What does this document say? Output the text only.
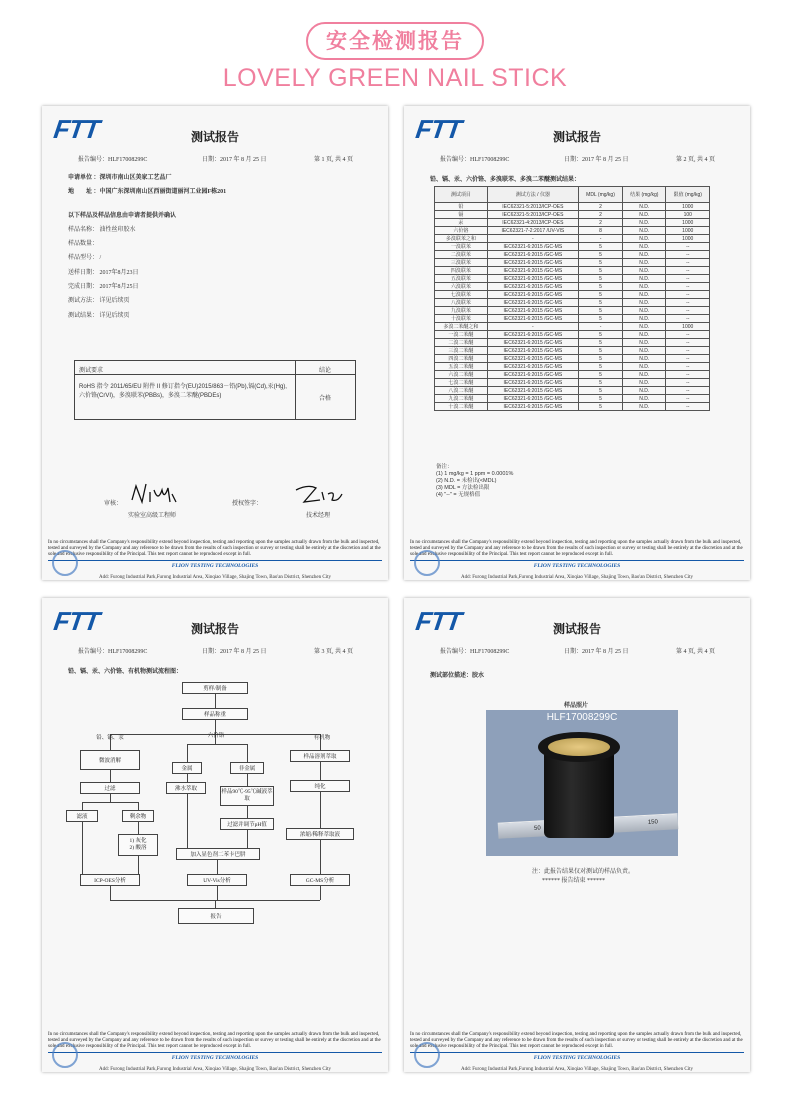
安全检测报告
LOVELY GREEN NAIL STICK
FTT	测试报告
报告编号：HLF17008299C	日期：2017 年 8 月 25 日	第 1 页, 共 4 页
申请单位 ：深圳市南山区美家工艺品厂
地　　址 ：中国广东深圳南山区西丽街道丽河工业园F栋201
以下样品及样品信息由申请者提供并确认
样品名称： 油性丝印胶水
样品数量：
样品型号： /
送样日期： 2017年8月23日
完成日期： 2017年8月25日
测试方法： 详见后续页
测试结果： 详见后续页
测试要求	结论
RoHS 指令 2011/65/EU 附件 II 修订指令(EU)2015/863－铅(Pb),镉(Cd),汞(Hg),六价铬(CrVI)，多溴联苯(PBBs)，多溴二苯醚(PBDEs)	合格
审核：
实验室高级工程师
授权签字：
技术经理
In no circumstances shall the Company's responsibility extend beyond inspection, testing and reporting upon the samples actually drawn from the bulk and inspected, tested and surveyed by the Company and any reference to be drawn from the results of such inspection or survey or testing shall be entirely at the discretion and at the sole and exclusive responsibility of the Principal. This test report cannot be reproduced except in full.
FLION TESTING TECHNOLOGIES
Add: Furong Industrial Park,Furong Industrial Area, Xinqiao Village, Shajing Town, Bao'an District, Shenzhen City
FTT	测试报告
报告编号：HLF17008299C	日期：2017 年 8 月 25 日	第 2 页, 共 4 页
铅、镉、汞、六价铬、多溴联苯、多溴二苯醚测试结果：
测试项目	测试方法 / 仪器	MDL (mg/kg)	结果 (mg/kg)	限值 (mg/kg)
铅	IEC62321-5:2013/ICP-OES	2	N.D.	1000
镉	IEC62321-5:2013/ICP-OES	2	N.D.	100
汞	IEC62321-4:2013/ICP-OES	2	N.D.	1000
六价铬	IEC62321-7-2:2017 /UV-VIS	8	N.D.	1000
多溴联苯之和	-	-	N.D.	1000
一溴联苯	IEC62321-6:2015 /GC-MS	5	N.D.	--
二溴联苯	IEC62321-6:2015 /GC-MS	5	N.D.	--
三溴联苯	IEC62321-6:2015 /GC-MS	5	N.D.	--
四溴联苯	IEC62321-6:2015 /GC-MS	5	N.D.	--
五溴联苯	IEC62321-6:2015 /GC-MS	5	N.D.	--
六溴联苯	IEC62321-6:2015 /GC-MS	5	N.D.	--
七溴联苯	IEC62321-6:2015 /GC-MS	5	N.D.	--
八溴联苯	IEC62321-6:2015 /GC-MS	5	N.D.	--
九溴联苯	IEC62321-6:2015 /GC-MS	5	N.D.	--
十溴联苯	IEC62321-6:2015 /GC-MS	5	N.D.	--
多溴二苯醚之和	-	-	N.D.	1000
一溴二苯醚	IEC62321-6:2015 /GC-MS	5	N.D.	--
二溴二苯醚	IEC62321-6:2015 /GC-MS	5	N.D.	--
三溴二苯醚	IEC62321-6:2015 /GC-MS	5	N.D.	--
四溴二苯醚	IEC62321-6:2015 /GC-MS	5	N.D.	--
五溴二苯醚	IEC62321-6:2015 /GC-MS	5	N.D.	--
六溴二苯醚	IEC62321-6:2015 /GC-MS	5	N.D.	--
七溴二苯醚	IEC62321-6:2015 /GC-MS	5	N.D.	--
八溴二苯醚	IEC62321-6:2015 /GC-MS	5	N.D.	--
九溴二苯醚	IEC62321-6:2015 /GC-MS	5	N.D.	--
十溴二苯醚	IEC62321-6:2015 /GC-MS	5	N.D.	--
备注：
(1) 1 mg/kg = 1 ppm = 0.0001%
(2) N.D. = 未检出(<MDL)
(3) MDL = 方法检出限
(4) "--" = 无规格值
In no circumstances shall the Company's responsibility extend beyond inspection, testing and reporting upon the samples actually drawn from the bulk and inspected, tested and surveyed by the Company and any reference to be drawn from the results of such inspection or survey or testing shall be entirely at the discretion and at the sole and exclusive responsibility of the Principal. This test report cannot be reproduced except in full.
FLION TESTING TECHNOLOGIES
Add: Furong Industrial Park,Furong Industrial Area, Xinqiao Village, Shajing Town, Bao'an District, Shenzhen City
FTT	测试报告
报告编号：HLF17008299C	日期：2017 年 8 月 25 日	第 3 页, 共 4 页
铅、镉、汞、六价铬、有机物测试流程图：
剪样/制备
样品称重
铅、镉、汞	六价铬	有机物
微波消解
过滤
滤液	剩余物
1) 灰化
2) 酸溶
金属	非金属
沸水萃取	样品90℃-95℃碱液萃取
过滤并调节pH值
加入显色剂二苯卡巴肼
样品溶剂萃取
纯化
浓缩/稀释萃取液
ICP-OES分析	UV-Vis分析	GC-MS分析
报告
In no circumstances shall the Company's responsibility extend beyond inspection, testing and reporting upon the samples actually drawn from the bulk and inspected, tested and surveyed by the Company and any reference to be drawn from the results of such inspection or survey or testing shall be entirely at the discretion and at the sole and exclusive responsibility of the Principal. This test report cannot be reproduced except in full.
FLION TESTING TECHNOLOGIES
Add: Furong Industrial Park,Furong Industrial Area, Xinqiao Village, Shajing Town, Bao'an District, Shenzhen City
FTT	测试报告
报告编号：HLF17008299C	日期：2017 年 8 月 25 日	第 4 页, 共 4 页
测试部位描述：胶水
样品照片
HLF17008299C
50
150
注：此报告结果仅对测试的样品负责。
****** 报告结束 ******
In no circumstances shall the Company's responsibility extend beyond inspection, testing and reporting upon the samples actually drawn from the bulk and inspected, tested and surveyed by the Company and any reference to be drawn from the results of such inspection or survey or testing shall be entirely at the discretion and at the sole and exclusive responsibility of the Principal. This test report cannot be reproduced except in full.
FLION TESTING TECHNOLOGIES
Add: Furong Industrial Park,Furong Industrial Area, Xinqiao Village, Shajing Town, Bao'an District, Shenzhen City
